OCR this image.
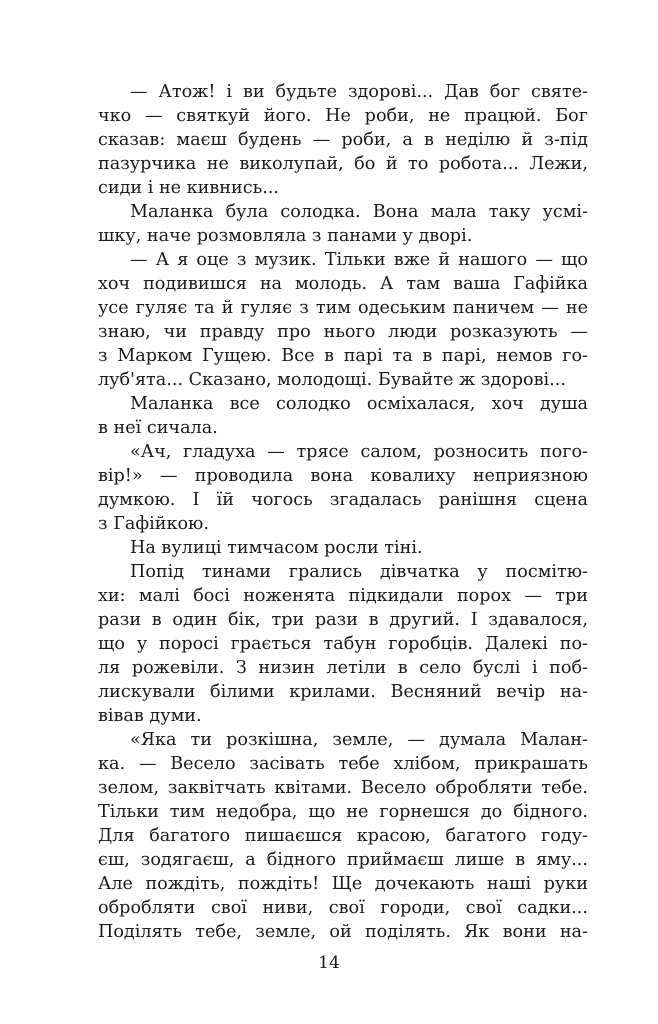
— Атож! і ви будьте здорові... Дав бог святе-
чко — святкуй його. Не роби, не працюй. Бог
сказав: маєш будень — роби, а в неділю й з-під
пазурчика не виколупай, бо й то робота... Лежи,
сиди і не кивнись...
Маланка була солодка. Вона мала таку усмі-
шку, наче розмовляла з панами у дворі.
— А я оце з музик. Тільки вже й нашого — що
хоч подивишся на молодь. А там ваша Гафійка
усе гуляє та й гуляє з тим одеським паничем — не
знаю, чи правду про нього люди розказують —
з Марком Гущею. Все в парі та в парі, немов го-
луб'ята... Сказано, молодощі. Бувайте ж здорові...
Маланка все солодко осміхалася, хоч душа
в неї сичала.
«Ач, гладуха — трясе салом, розносить пого-
вір!» — проводила вона ковалиху неприязною
думкою. І їй чогось згадалась ранішня сцена
з Гафійкою.
На вулиці тимчасом росли тіні.
Попід тинами грались дівчатка у посмітю-
хи: малі босі ноженята підкидали порох — три
рази в один бік, три рази в другий. І здавалося,
що у поросі грається табун горобців. Далекі по-
ля рожевіли. З низин летіли в село буслі і поб-
лискували білими крилами. Весняний вечір на-
вівав думи.
«Яка ти розкішна, земле, — думала Малан-
ка. — Весело засівать тебе хлібом, прикрашать
зелом, заквітчать квітами. Весело обробляти тебе.
Тільки тим недобра, що не горнешся до бідного.
Для багатого пишаєшся красою, багатого году-
єш, зодягаєш, а бідного приймаєш лише в яму...
Але пождіть, пождіть! Ще дочекають наші руки
обробляти свої ниви, свої городи, свої садки...
Поділять тебе, земле, ой поділять. Як вони на-
14
